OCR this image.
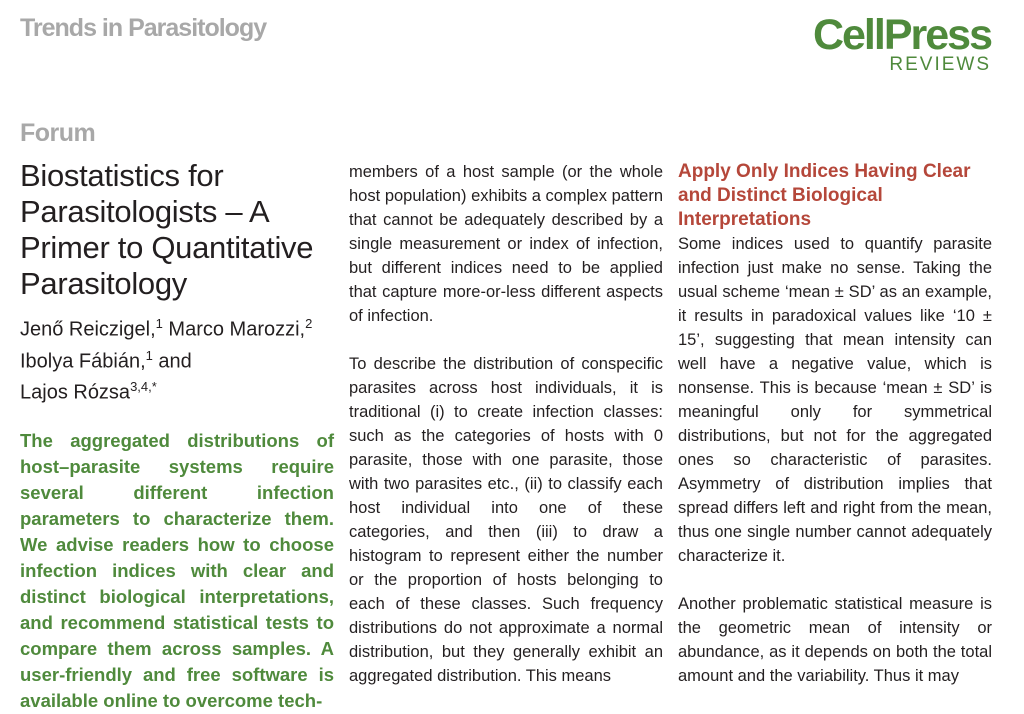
Trends in Parasitology	CellPress
REVIEWS
Forum
Biostatistics for Parasitologists – A Primer to Quantitative Parasitology
Jenő Reiczigel,$^1$ Marco Marozzi,$^2$
Ibolya Fábián,$^1$ and
Lajos Rózsa$^{3,4,*}$

The aggregated distributions of host–parasite systems require several different infection parameters to characterize them. We advise readers how to choose infection indices with clear and distinct biological interpretations, and recommend statistical tests to compare them across samples. A user-friendly and free software is available online to overcome tech-

members of a host sample (or the whole host population) exhibits a complex pattern that cannot be adequately described by a single measurement or index of infection, but different indices need to be applied that capture more-or-less different aspects of infection.

To describe the distribution of conspecific parasites across host individuals, it is traditional (i) to create infection classes: such as the categories of hosts with 0 parasite, those with one parasite, those with two parasites etc., (ii) to classify each host individual into one of these categories, and then (iii) to draw a histogram to represent either the number or the proportion of hosts belonging to each of these classes. Such frequency distributions do not approximate a normal distribution, but they generally exhibit an aggregated distribution. This means

Apply Only Indices Having Clear and Distinct Biological Interpretations

Some indices used to quantify parasite infection just make no sense. Taking the usual scheme ‘mean ± SD’ as an example, it results in paradoxical values like ‘10 ± 15’, suggesting that mean intensity can well have a negative value, which is nonsense. This is because ‘mean ± SD’ is meaningful only for symmetrical distributions, but not for the aggregated ones so characteristic of parasites. Asymmetry of distribution implies that spread differs left and right from the mean, thus one single number cannot adequately characterize it.

Another problematic statistical measure is the geometric mean of intensity or abundance, as it depends on both the total amount and the variability. Thus it may
